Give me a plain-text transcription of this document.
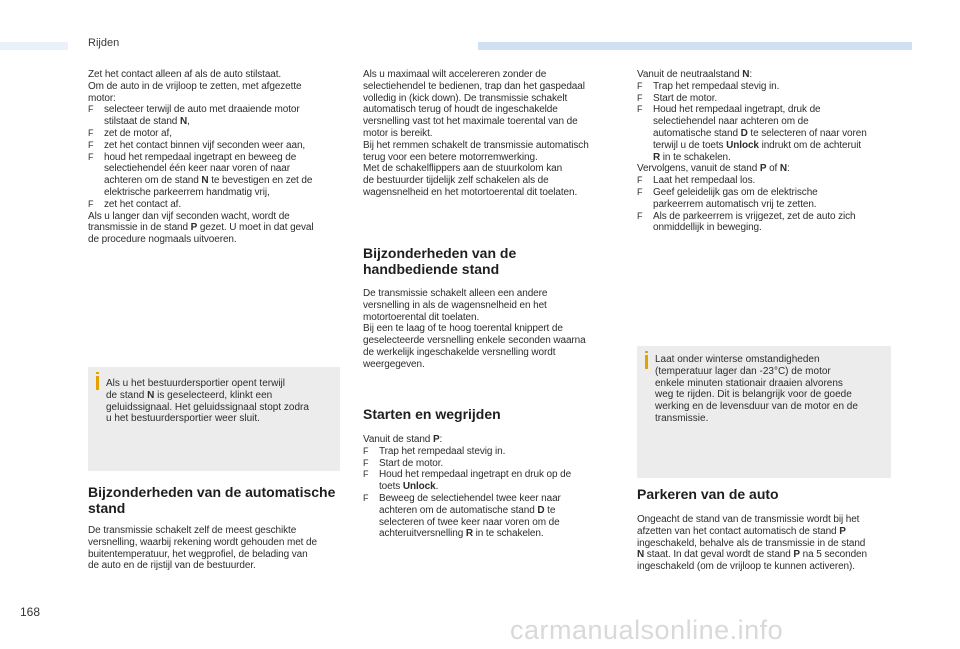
Rijden
Zet het contact alleen af als de auto stilstaat.
Om de auto in de vrijloop te zetten, met afgezette
motor:
F selecteer terwijl de auto met draaiende motor
stilstaat de stand N,
F zet de motor af,
F zet het contact binnen vijf seconden weer aan,
F houd het rempedaal ingetrapt en beweeg de
selectiehendel één keer naar voren of naar
achteren om de stand N te bevestigen en zet de
elektrische parkeerrem handmatig vrij,
F zet het contact af.
Als u langer dan vijf seconden wacht, wordt de
transmissie in de stand P gezet. U moet in dat geval
de procedure nogmaals uitvoeren.
Als u het bestuurdersportier opent terwijl
de stand N is geselecteerd, klinkt een
geluidssignaal. Het geluidssignaal stopt zodra
u het bestuurdersportier weer sluit.
Bijzonderheden van de automatische
stand
De transmissie schakelt zelf de meest geschikte
versnelling, waarbij rekening wordt gehouden met de
buitentemperatuur, het wegprofiel, de belading van
de auto en de rijstijl van de bestuurder.
Als u maximaal wilt accelereren zonder de
selectiehendel te bedienen, trap dan het gaspedaal
volledig in (kick down). De transmissie schakelt
automatisch terug of houdt de ingeschakelde
versnelling vast tot het maximale toerental van de
motor is bereikt.
Bij het remmen schakelt de transmissie automatisch
terug voor een betere motorremwerking.
Met de schakelflippers aan de stuurkolom kan
de bestuurder tijdelijk zelf schakelen als de
wagensnelheid en het motortoerental dit toelaten.
Bijzonderheden van de
handbediende stand
De transmissie schakelt alleen een andere
versnelling in als de wagensnelheid en het
motortoerental dit toelaten.
Bij een te laag of te hoog toerental knippert de
geselecteerde versnelling enkele seconden waarna
de werkelijk ingeschakelde versnelling wordt
weergegeven.
Starten en wegrijden
Vanuit de stand P:
F Trap het rempedaal stevig in.
F Start de motor.
F Houd het rempedaal ingetrapt en druk op de
toets Unlock.
F Beweeg de selectiehendel twee keer naar
achteren om de automatische stand D te
selecteren of twee keer naar voren om de
achteruitversnelling R in te schakelen.
Vanuit de neutraalstand N:
F Trap het rempedaal stevig in.
F Start de motor.
F Houd het rempedaal ingetrapt, druk de
selectiehendel naar achteren om de
automatische stand D te selecteren of naar voren
terwijl u de toets Unlock indrukt om de achteruit
R in te schakelen.
Vervolgens, vanuit de stand P of N:
F Laat het rempedaal los.
F Geef geleidelijk gas om de elektrische
parkeerrem automatisch vrij te zetten.
F Als de parkeerrem is vrijgezet, zet de auto zich
onmiddellijk in beweging.
Laat onder winterse omstandigheden
(temperatuur lager dan -23°C) de motor
enkele minuten stationair draaien alvorens
weg te rijden. Dit is belangrijk voor de goede
werking en de levensduur van de motor en de
transmissie.
Parkeren van de auto
Ongeacht de stand van de transmissie wordt bij het
afzetten van het contact automatisch de stand P
ingeschakeld, behalve als de transmissie in de stand
N staat. In dat geval wordt de stand P na 5 seconden
ingeschakeld (om de vrijloop te kunnen activeren).
168
carmanualsonline.info
